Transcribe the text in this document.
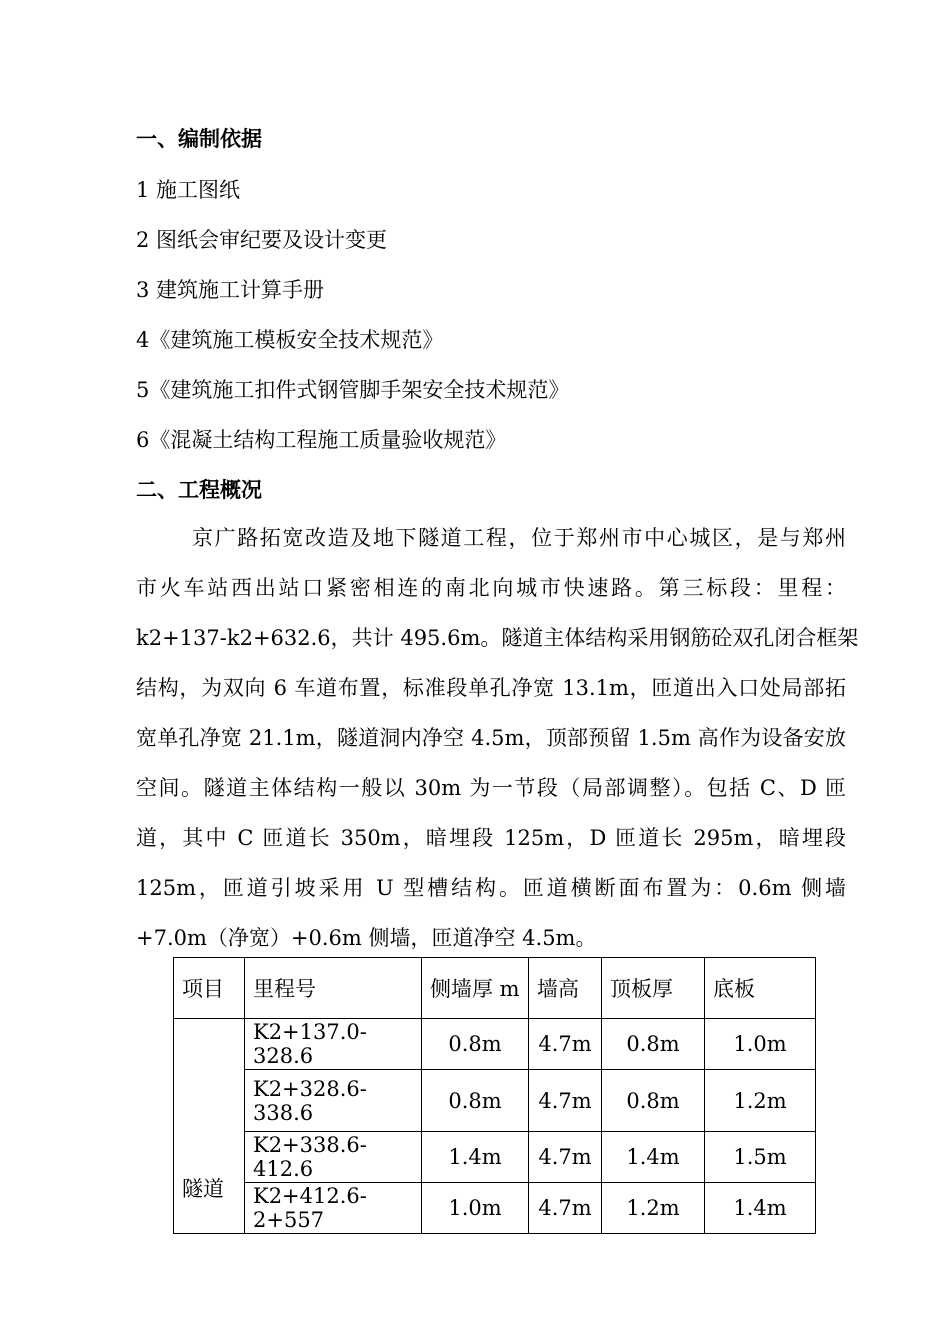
一、编制依据
1 施工图纸
2 图纸会审纪要及设计变更
3 建筑施工计算手册
4《建筑施工模板安全技术规范》
5《建筑施工扣件式钢管脚手架安全技术规范》
6《混凝土结构工程施工质量验收规范》
二、工程概况
京广路拓宽改造及地下隧道工程，位于郑州市中心城区，是与郑州
市火车站西出站口紧密相连的南北向城市快速路。第三标段：里程：
k2+137-k2+632.6，共计 495.6m。隧道主体结构采用钢筋砼双孔闭合框架
结构，为双向 6 车道布置，标准段单孔净宽 13.1m，匝道出入口处局部拓
宽单孔净宽 21.1m，隧道洞内净空 4.5m，顶部预留 1.5m 高作为设备安放
空间。隧道主体结构一般以 30m 为一节段（局部调整）。包括 C、D 匝
道，其中 C 匝道长 350m，暗埋段 125m，D 匝道长 295m，暗埋段
125m，匝道引坡采用 U 型槽结构。匝道横断面布置为：0.6m 侧墙
+7.0m（净宽）+0.6m 侧墙，匝道净空 4.5m。
项目	里程号	侧墙厚 m	墙高	顶板厚	底板
隧道	K2+137.0-328.6	0.8m	4.7m	0.8m	1.0m
	K2+328.6-338.6	0.8m	4.7m	0.8m	1.2m
	K2+338.6-412.6	1.4m	4.7m	1.4m	1.5m
	K2+412.6-2+557	1.0m	4.7m	1.2m	1.4m
